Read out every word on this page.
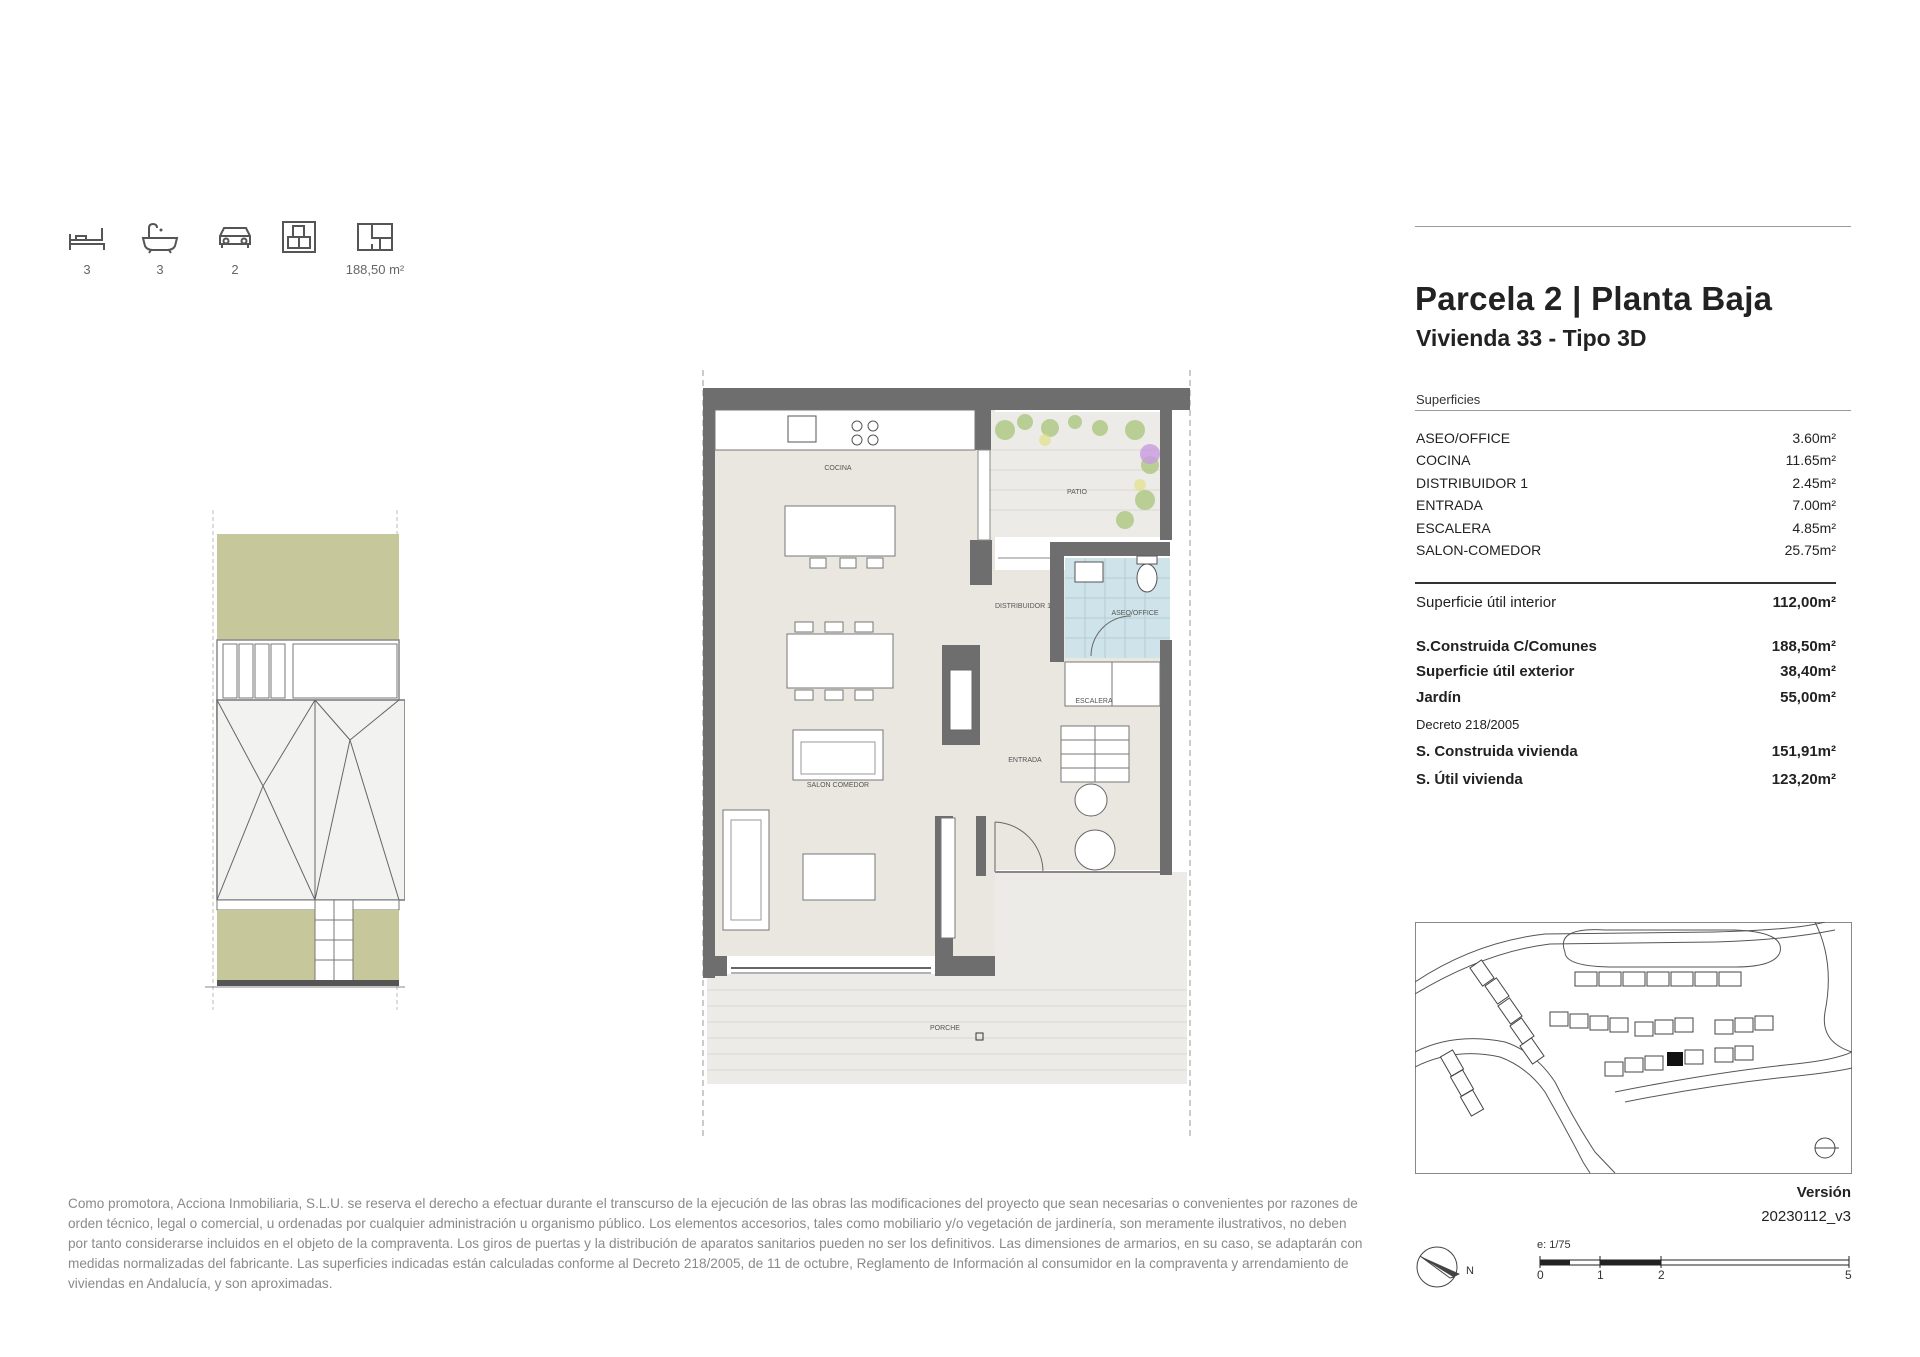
3	3	2	188,50 m²
COCINA
PATIO
DISTRIBUIDOR 1
ASEO/OFFICE
ESCALERA
ENTRADA
SALON COMEDOR
PORCHE
Parcela 2 | Planta Baja
Vivienda 33 - Tipo 3D
Superficies
ASEO/OFFICE	3.60m²
COCINA	11.65m²
DISTRIBUIDOR 1	2.45m²
ENTRADA	7.00m²
ESCALERA	4.85m²
SALON-COMEDOR	25.75m²
Superficie útil interior	112,00m²
S.Construida C/Comunes	188,50m²
Superficie útil exterior	38,40m²
Jardín	55,00m²
Decreto 218/2005
S. Construida vivienda	151,91m²
S. Útil vivienda	123,20m²
Versión
20230112_v3
N
e: 1/75
0	1	2	5
Como promotora, Acciona Inmobiliaria, S.L.U. se reserva el derecho a efectuar durante el transcurso de la ejecución de las obras las modificaciones del proyecto que sean necesarias o convenientes por razones de orden técnico, legal o comercial, u ordenadas por cualquier administración u organismo público. Los elementos accesorios, tales como mobiliario y/o vegetación de jardinería, son meramente ilustrativos, no deben por tanto considerarse incluidos en el objeto de la compraventa. Los giros de puertas y la distribución de aparatos sanitarios pueden no ser los definitivos. Las dimensiones de armarios, en su caso, se adaptarán con medidas normalizadas del fabricante. Las superficies indicadas están calculadas conforme al Decreto 218/2005, de 11 de octubre, Reglamento de Información al consumidor en la compraventa y arrendamiento de viviendas en Andalucía, y son aproximadas.
